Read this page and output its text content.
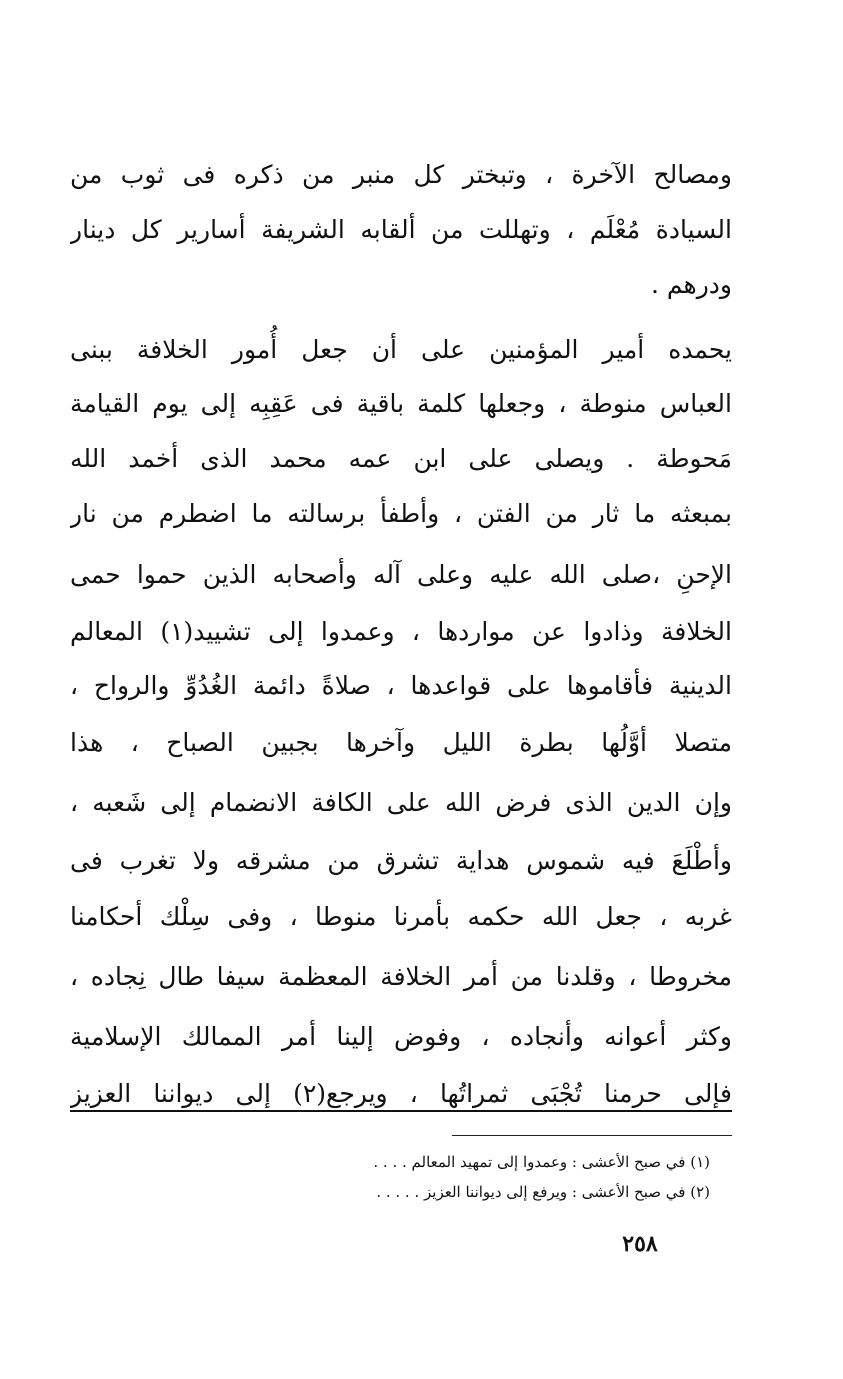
ومصالح الآخرة ، وتبختر كل منبر من ذكره فى ثوب من
السيادة مُعْلَم ، وتهللت من ألقابه الشريفة أسارير كل دينار
ودرهم .
يحمده أمير المؤمنين على أن جعل أُمور الخلافة ببنى
العباس منوطة ، وجعلها كلمة باقية فى عَقِبِه إلى يوم القيامة
مَحوطة . ويصلى على ابن عمه محمد الذى أخمد الله
بمبعثه ما ثار من الفتن ، وأطفأ برسالته ما اضطرم من نار
الإحنِ ،صلى الله عليه وعلى آله وأصحابه الذين حموا حمى
الخلافة وذادوا عن مواردها ، وعمدوا إلى تشييد(١) المعالم
الدينية فأقاموها على قواعدها ، صلاةً دائمة الغُدُوِّ والرواح ،
متصلا أوَّلُها بطرة الليل وآخرها بجبين الصباح ، هذا
وإن الدين الذى فرض الله على الكافة الانضمام إلى شَعبه ،
وأطْلَعَ فيه شموس هداية تشرق من مشرقه ولا تغرب فى
غربه ، جعل الله حكمه بأمرنا منوطا ، وفى سِلْك أحكامنا
مخروطا ، وقلدنا من أمر الخلافة المعظمة سيفا طال نِجاده ،
وكثر أعوانه وأنجاده ، وفوض إلينا أمر الممالك الإسلامية
فإلى حرمنا تُجْبَى ثمراتُها ، ويرجع(٢) إلى ديواننا العزيز
(١) في صبح الأعشى : وعمدوا إلى تمهيد المعالم . . . .
(٢) في صبح الأعشى : ويرفع إلى ديواننا العزيز . . . . .
٢٥٨
